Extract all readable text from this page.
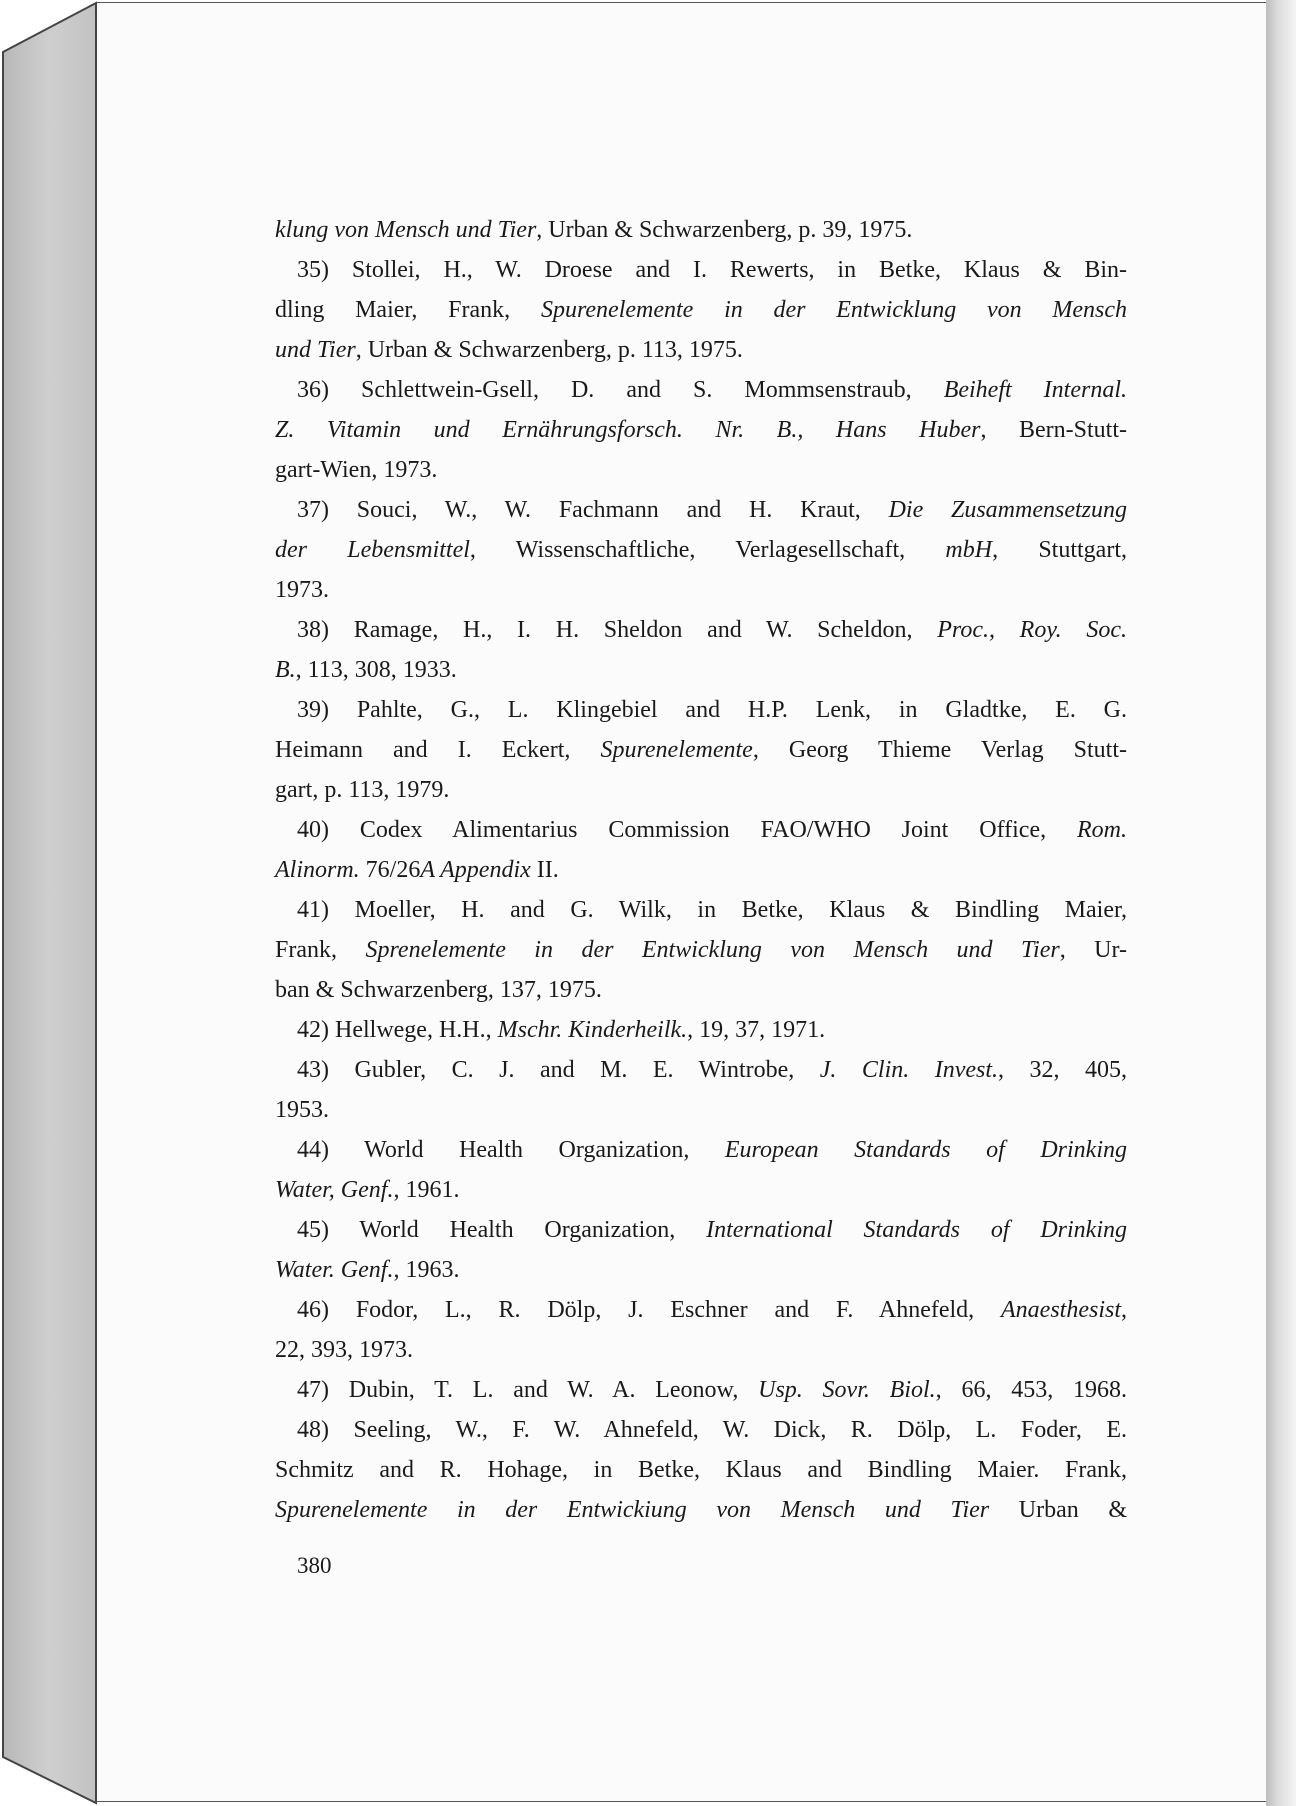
klung von Mensch und Tier, Urban & Schwarzenberg, p. 39, 1975.
35) Stollei, H., W. Droese and I. Rewerts, in Betke, Klaus & Bin-
dling Maier, Frank, Spurenelemente in der Entwicklung von Mensch
und Tier, Urban & Schwarzenberg, p. 113, 1975.
36) Schlettwein-Gsell, D. and S. Mommsenstraub, Beiheft Internal.
Z. Vitamin und Ernährungsforsch. Nr. B., Hans Huber, Bern-Stutt-
gart-Wien, 1973.
37) Souci, W., W. Fachmann and H. Kraut, Die Zusammensetzung
der Lebensmittel, Wissenschaftliche, Verlagesellschaft, mbH, Stuttgart,
1973.
38) Ramage, H., I. H. Sheldon and W. Scheldon, Proc., Roy. Soc.
B., 113, 308, 1933.
39) Pahlte, G., L. Klingebiel and H.P. Lenk, in Gladtke, E. G.
Heimann and I. Eckert, Spurenelemente, Georg Thieme Verlag Stutt-
gart, p. 113, 1979.
40) Codex Alimentarius Commission FAO/WHO Joint Office, Rom.
Alinorm. 76/26A Appendix II.
41) Moeller, H. and G. Wilk, in Betke, Klaus & Bindling Maier,
Frank, Sprenelemente in der Entwicklung von Mensch und Tier, Ur-
ban & Schwarzenberg, 137, 1975.
42) Hellwege, H.H., Mschr. Kinderheilk., 19, 37, 1971.
43) Gubler, C. J. and M. E. Wintrobe, J. Clin. Invest., 32, 405,
1953.
44) World Health Organization, European Standards of Drinking
Water, Genf., 1961.
45) World Health Organization, International Standards of Drinking
Water. Genf., 1963.
46) Fodor, L., R. Dölp, J. Eschner and F. Ahnefeld, Anaesthesist,
22, 393, 1973.
47) Dubin, T. L. and W. A. Leonow, Usp. Sovr. Biol., 66, 453, 1968.
48) Seeling, W., F. W. Ahnefeld, W. Dick, R. Dölp, L. Foder, E.
Schmitz and R. Hohage, in Betke, Klaus and Bindling Maier. Frank,
Spurenelemente in der Entwickiung von Mensch und Tier Urban &
380
